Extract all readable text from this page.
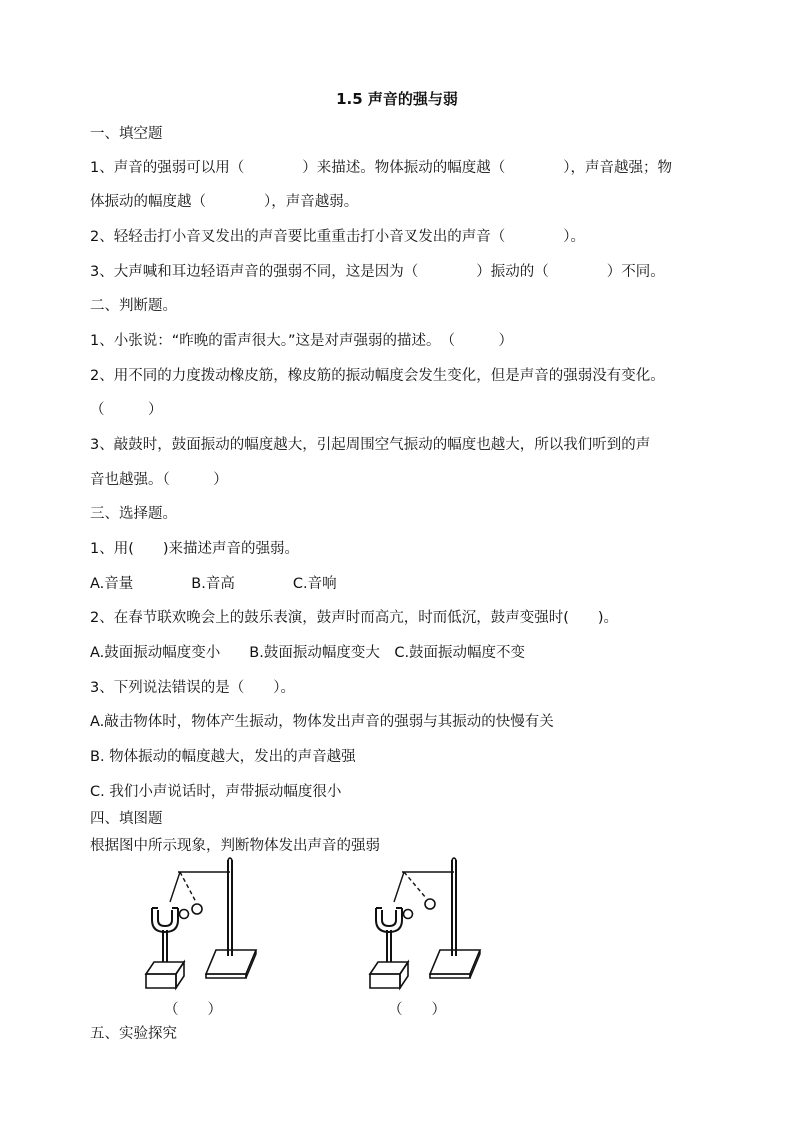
1.5 声音的强与弱
一、填空题
1、声音的强弱可以用（　　　　）来描述。物体振动的幅度越（　　　　），声音越强；物
体振动的幅度越（　　　　），声音越弱。
2、轻轻击打小音叉发出的声音要比重重击打小音叉发出的声音（　　　　）。
3、大声喊和耳边轻语声音的强弱不同，这是因为（　　　　）振动的（　　　　）不同。
二、判断题。
1、小张说：“昨晚的雷声很大。”这是对声强弱的描述。　（　　　）
2、用不同的力度拨动橡皮筋，橡皮筋的振动幅度会发生变化，但是声音的强弱没有变化。
（　　　）
3、敲鼓时，鼓面振动的幅度越大，引起周围空气振动的幅度也越大，所以我们听到的声
音也越强。（　　　）
三、选择题。
1、用(　　)来描述声音的强弱。
A.音量　　　　B.音高　　　　C.音响
2、在春节联欢晚会上的鼓乐表演，鼓声时而高亢，时而低沉，鼓声变强时(　　)。
A.鼓面振动幅度变小　　B.鼓面振动幅度变大　C.鼓面振动幅度不变
3、下列说法错误的是（　　）。
A.敲击物体时，物体产生振动，物体发出声音的强弱与其振动的快慢有关
B. 物体振动的幅度越大，发出的声音越强
C. 我们小声说话时，声带振动幅度很小
四、填图题
根据图中所示现象，判断物体发出声音的强弱
（　　）	（　　）
五、实验探究
